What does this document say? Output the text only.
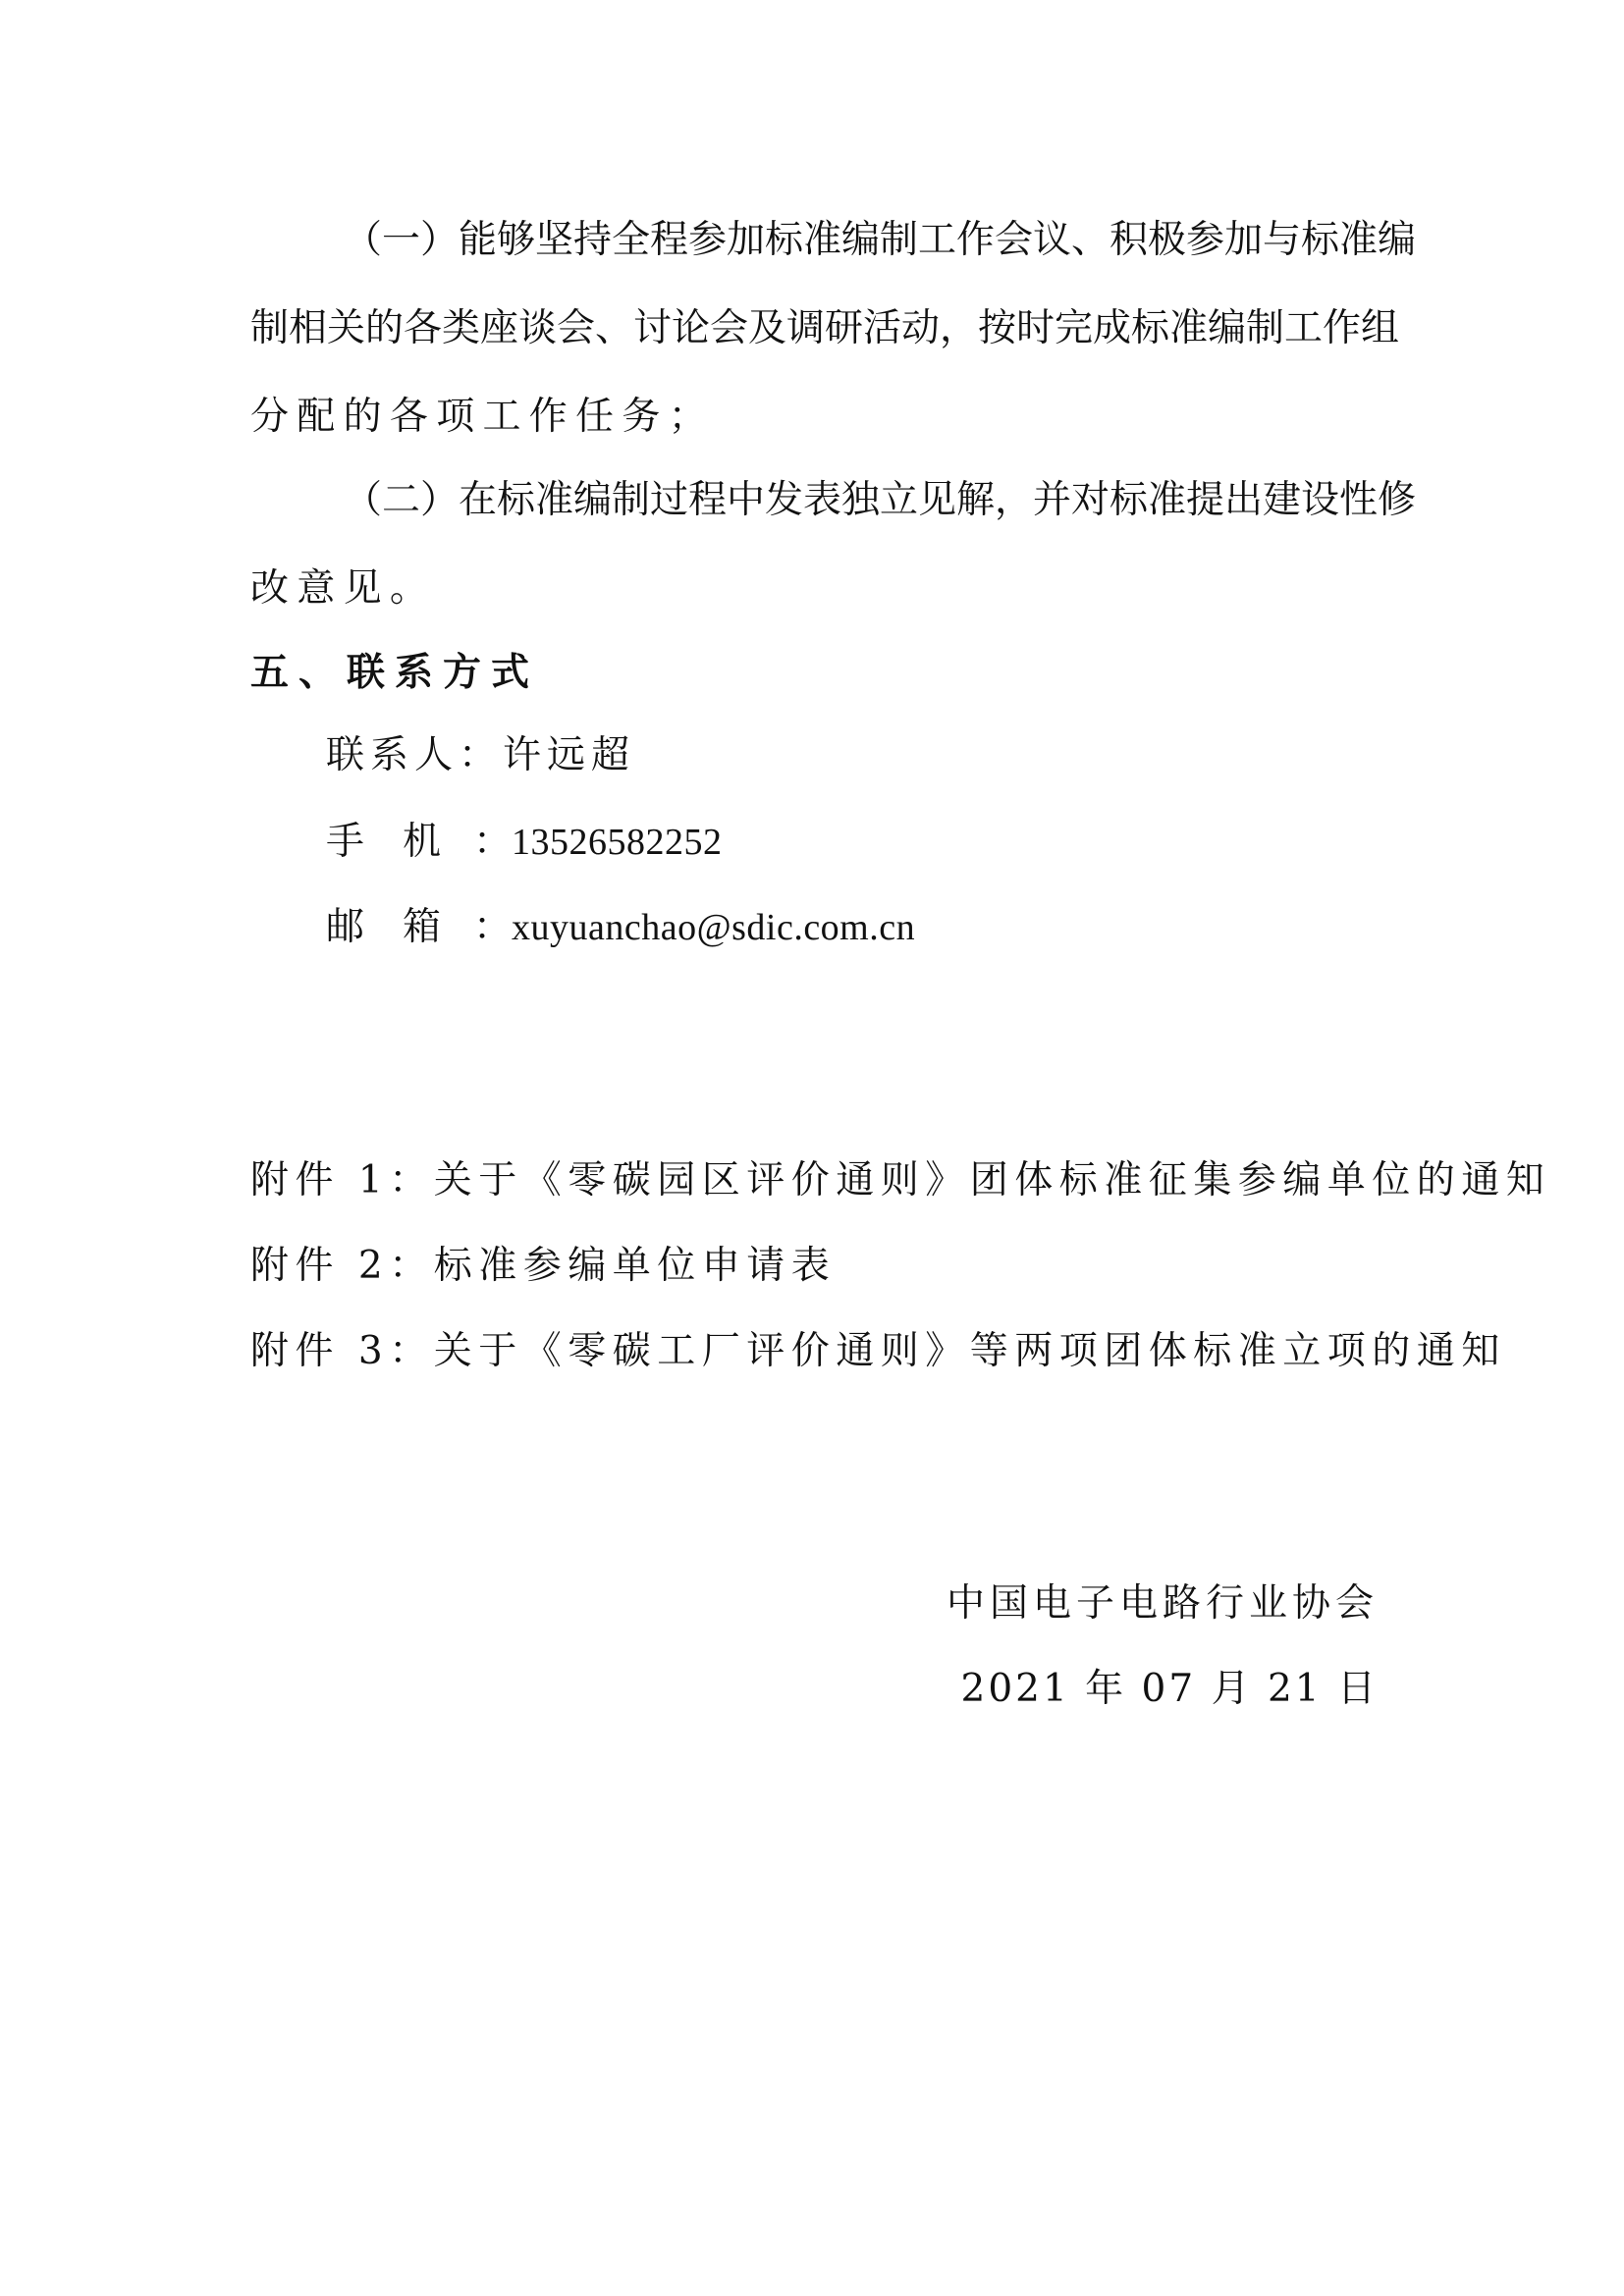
（一）能够坚持全程参加标准编制工作会议、积极参加与标准编
制相关的各类座谈会、讨论会及调研活动，按时完成标准编制工作组
分配的各项工作任务；
（二）在标准编制过程中发表独立见解，并对标准提出建设性修
改意见。
五、联系方式
联系人：许远超
手　机 ：13526582252
邮　箱 ：xuyuanchao@sdic.com.cn
附件 1：关于《零碳园区评价通则》团体标准征集参编单位的通知
附件 2：标准参编单位申请表
附件 3：关于《零碳工厂评价通则》等两项团体标准立项的通知
中国电子电路行业协会
2021 年 07 月 21 日
